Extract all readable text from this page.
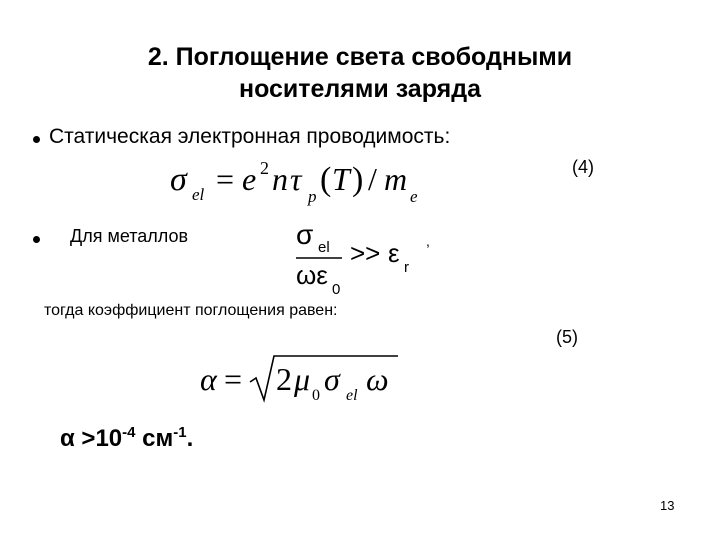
2. Поглощение света свободными
носителями заряда
Статическая электронная проводимость:
(4)
σ el = e 2 n τ p ( T ) / m e
Для металлов	σ el
ωε 0
>> ε r
,
тогда коэффициент поглощения равен:
(5)
α = 2 μ 0 σ el ω
$\alpha >10^{-4}$ $см^{-1}$.
13
